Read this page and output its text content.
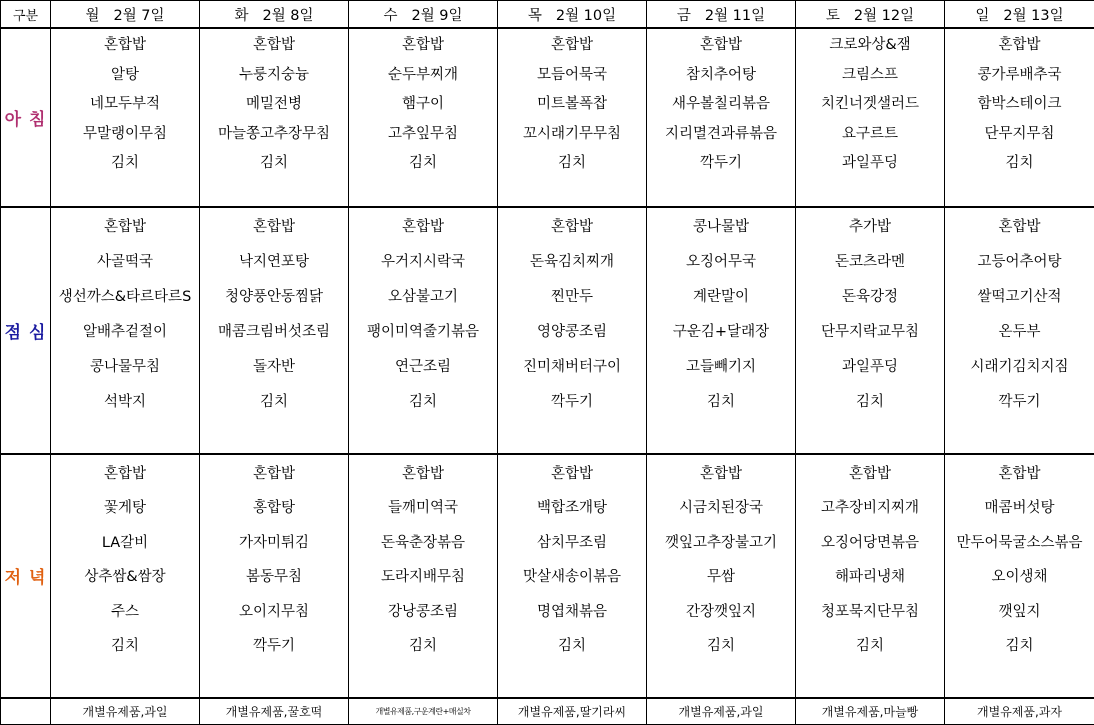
구분	월 2월 7일	화 2월 8일	수 2월 9일	목 2월 10일	금 2월 11일	토 2월 12일	일 2월 13일
아 침	혼합밥	혼합밥	혼합밥	혼합밥	혼합밥	크로와상&잼	혼합밥
	알탕	누룽지숭늉	순두부찌개	모듬어묵국	참치추어탕	크림스프	콩가루배추국
	네모두부적	메밀전병	햄구이	미트볼폭찹	새우볼칠리볶음	치킨너겟샐러드	함박스테이크
	무말랭이무침	마늘쫑고추장무침	고추잎무침	꼬시래기무무침	지리멸견과류볶음	요구르트	단무지무침
	김치	김치	김치	김치	깍두기	과일푸딩	김치

점 심	혼합밥	혼합밥	혼합밥	혼합밥	콩나물밥	추가밥	혼합밥
	사골떡국	낙지연포탕	우거지시락국	돈육김치찌개	오징어무국	돈코츠라멘	고등어추어탕
	생선까스&타르타르S	청양풍안동찜닭	오삼불고기	찐만두	계란말이	돈육강정	쌀떡고기산적
	알배추겉절이	매콤크림버섯조림	팽이미역줄기볶음	영양콩조림	구운김+달래장	단무지락교무침	온두부
	콩나물무침	돌자반	연근조림	진미채버터구이	고들빼기지	과일푸딩	시래기김치지짐
	석박지	김치	김치	깍두기	김치	김치	깍두기

저 녁	혼합밥	혼합밥	혼합밥	혼합밥	혼합밥	혼합밥	혼합밥
	꽃게탕	홍합탕	들깨미역국	백합조개탕	시금치된장국	고추장비지찌개	매콤버섯탕
	LA갈비	가자미튀김	돈육춘장볶음	삼치무조림	깻잎고추장불고기	오징어당면볶음	만두어묵굴소스볶음
	상추쌈&쌈장	봄동무침	도라지배무침	맛살새송이볶음	무쌈	해파리냉채	오이생채
	주스	오이지무침	강낭콩조림	명엽채볶음	간장깻잎지	청포묵지단무침	깻잎지
	김치	깍두기	김치	김치	김치	김치	김치

	개별유제품,과일	개별유제품,꿀호떡	개별유제품,구운계란+매실차	개별유제품,딸기라씨	개별유제품,과일	개별유제품,마늘빵	개별유제품,과자
